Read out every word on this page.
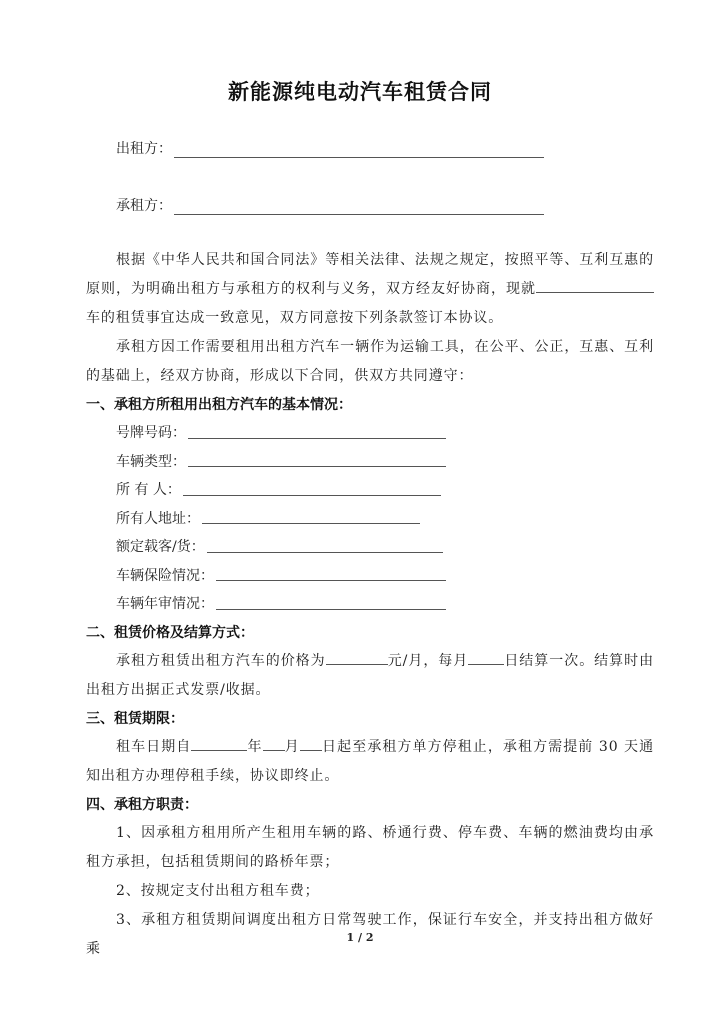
新能源纯电动汽车租赁合同
出租方：
承租方：
根据《中华人民共和国合同法》等相关法律、法规之规定，按照平等、互利互惠的原则，为明确出租方与承租方的权利与义务，双方经友好协商，现就车的租赁事宜达成一致意见，双方同意按下列条款签订本协议。
承租方因工作需要租用出租方汽车一辆作为运输工具，在公平、公正，互惠、互利的基础上，经双方协商，形成以下合同，供双方共同遵守：
一、承租方所租用出租方汽车的基本情况：
号牌号码：
车辆类型：
所 有 人：
所有人地址：
额定载客/货：
车辆保险情况：
车辆年审情况：
二、租赁价格及结算方式：
承租方租赁出租方汽车的价格为	元/月，每月	日结算一次。结算时由出租方出据正式发票/收据。
三、租赁期限：
租车日期自	年 月 日起至承租方单方停租止，承租方需提前 30 天通知出租方办理停租手续，协议即终止。
四、承租方职责：
1、因承租方租用所产生租用车辆的路、桥通行费、停车费、车辆的燃油费均由承租方承担，包括租赁期间的路桥年票；
2、按规定支付出租方租车费；
3、承租方租赁期间调度出租方日常驾驶工作，保证行车安全，并支持出租方做好乘
1 / 2
